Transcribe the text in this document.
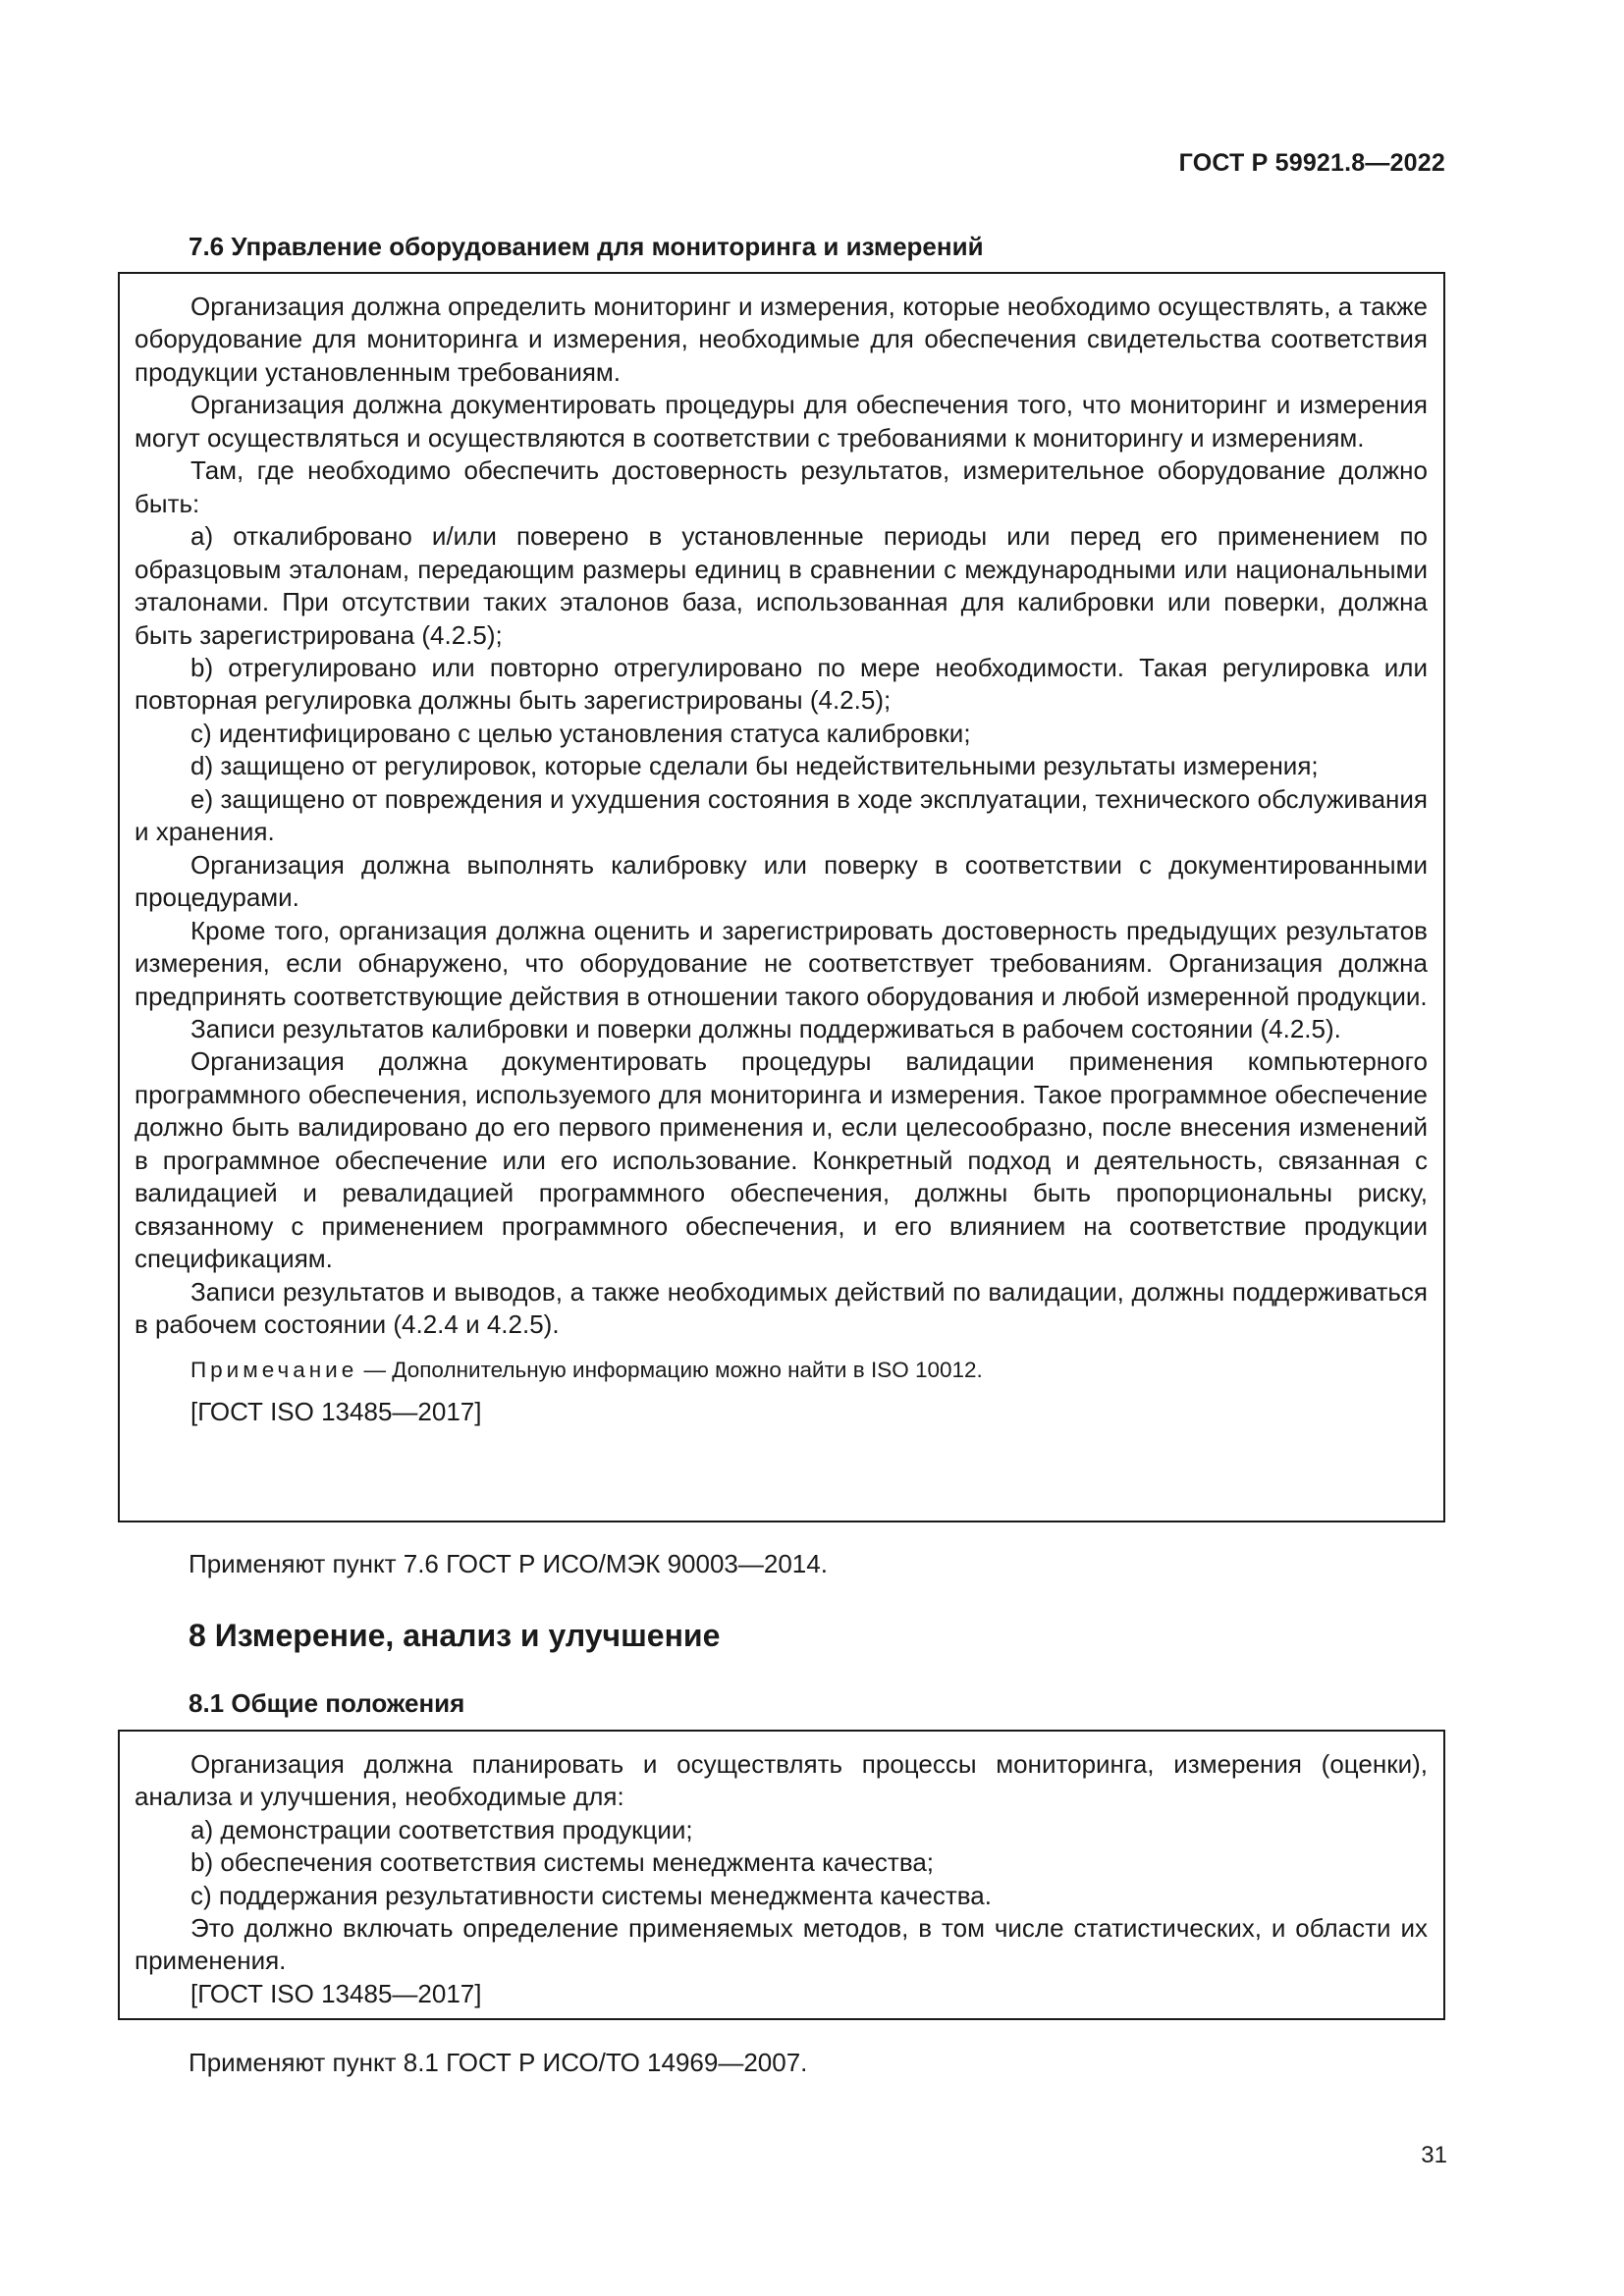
ГОСТ Р 59921.8—2022
7.6 Управление оборудованием для мониторинга и измерений

Организация должна определить мониторинг и измерения, которые необходимо осуществлять, а также оборудование для мониторинга и измерения, необходимые для обеспечения свидетельства соответствия продукции установленным требованиям.

Организация должна документировать процедуры для обеспечения того, что мониторинг и измерения могут осуществляться и осуществляются в соответствии с требованиями к мониторингу и измерениям.

Там, где необходимо обеспечить достоверность результатов, измерительное оборудование должно быть:

а) откалибровано и/или поверено в установленные периоды или перед его применением по образцовым эталонам, передающим размеры единиц в сравнении с международными или национальными эталонами. При отсутствии таких эталонов база, использованная для калибровки или поверки, должна быть зарегистрирована (4.2.5);

b) отрегулировано или повторно отрегулировано по мере необходимости. Такая регулировка или повторная регулировка должны быть зарегистрированы (4.2.5);

c) идентифицировано с целью установления статуса калибровки;

d) защищено от регулировок, которые сделали бы недействительными результаты измерения;

e) защищено от повреждения и ухудшения состояния в ходе эксплуатации, технического обслуживания и хранения.

Организация должна выполнять калибровку или поверку в соответствии с документированными процедурами.

Кроме того, организация должна оценить и зарегистрировать достоверность предыдущих результатов измерения, если обнаружено, что оборудование не соответствует требованиям. Организация должна предпринять соответствующие действия в отношении такого оборудования и любой измеренной продукции.

Записи результатов калибровки и поверки должны поддерживаться в рабочем состоянии (4.2.5).

Организация должна документировать процедуры валидации применения компьютерного программного обеспечения, используемого для мониторинга и измерения. Такое программное обеспечение должно быть валидировано до его первого применения и, если целесообразно, после внесения изменений в программное обеспечение или его использование. Конкретный подход и деятельность, связанная с валидацией и ревалидацией программного обеспечения, должны быть пропорциональны риску, связанному с применением программного обеспечения, и его влиянием на соответствие продукции спецификациям.

Записи результатов и выводов, а также необходимых действий по валидации, должны поддерживаться в рабочем состоянии (4.2.4 и 4.2.5).

Примечание — Дополнительную информацию можно найти в ISO 10012.

[ГОСТ ISO 13485—2017]

Применяют пункт 7.6 ГОСТ Р ИСО/МЭК 90003—2014.
8 Измерение, анализ и улучшение
8.1 Общие положения

Организация должна планировать и осуществлять процессы мониторинга, измерения (оценки), анализа и улучшения, необходимые для:

а) демонстрации соответствия продукции;

b) обеспечения соответствия системы менеджмента качества;

c) поддержания результативности системы менеджмента качества.

Это должно включать определение применяемых методов, в том числе статистических, и области их применения.

[ГОСТ ISO 13485—2017]

Применяют пункт 8.1 ГОСТ Р ИСО/ТО 14969—2007.
31
